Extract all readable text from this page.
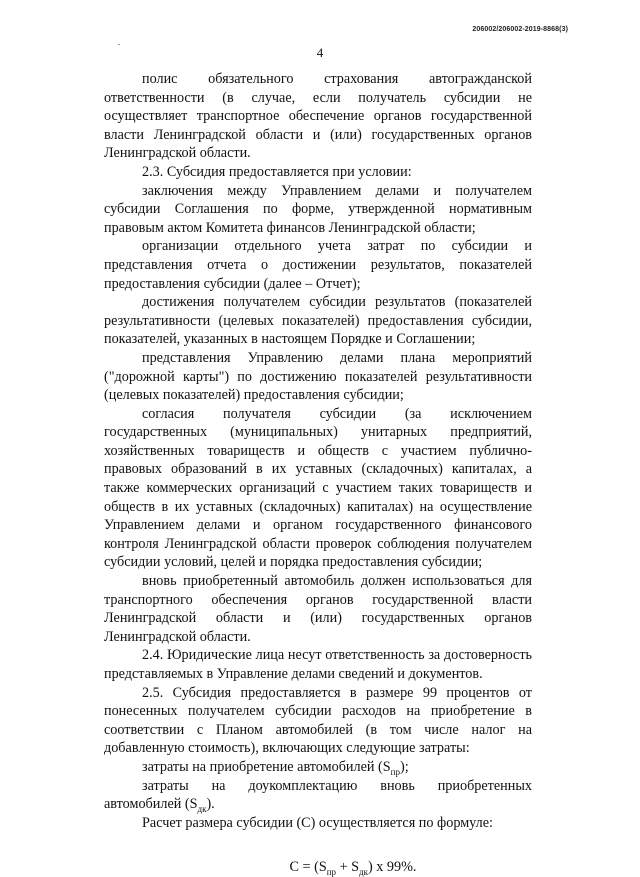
206002/206002-2019-8868(3)
4

полис обязательного страхования автогражданской ответственности (в случае, если получатель субсидии не осуществляет транспортное обеспечение органов государственной власти Ленинградской области и (или) государственных органов Ленинградской области.

2.3. Субсидия предоставляется при условии:

заключения между Управлением делами и получателем субсидии Соглашения по форме, утвержденной нормативным правовым актом Комитета финансов Ленинградской области;

организации отдельного учета затрат по субсидии и представления отчета о достижении результатов, показателей предоставления субсидии (далее – Отчет);

достижения получателем субсидии результатов (показателей результативности (целевых показателей) предоставления субсидии, показателей, указанных в настоящем Порядке и Соглашении;

представления Управлению делами плана мероприятий ("дорожной карты") по достижению показателей результативности (целевых показателей) предоставления субсидии;

согласия получателя субсидии (за исключением государственных (муниципальных) унитарных предприятий, хозяйственных товариществ и обществ с участием публично-правовых образований в их уставных (складочных) капиталах, а также коммерческих организаций с участием таких товариществ и обществ в их уставных (складочных) капиталах) на осуществление Управлением делами и органом государственного финансового контроля Ленинградской области проверок соблюдения получателем субсидии условий, целей и порядка предоставления субсидии;

вновь приобретенный автомобиль должен использоваться для транспортного обеспечения органов государственной власти Ленинградской области и (или) государственных органов Ленинградской области.

2.4. Юридические лица несут ответственность за достоверность представляемых в Управление делами сведений и документов.

2.5. Субсидия предоставляется в размере 99 процентов от понесенных получателем субсидии расходов на приобретение в соответствии с Планом автомобилей (в том числе налог на добавленную стоимость), включающих следующие затраты:

затраты на приобретение автомобилей $(S_{пр})$;

затраты на доукомплектацию вновь приобретенных автомобилей $(S_{дк})$.

Расчет размера субсидии (С) осуществляется по формуле:

$С = (S_{пр} + S_{дк})$ х 99%.
